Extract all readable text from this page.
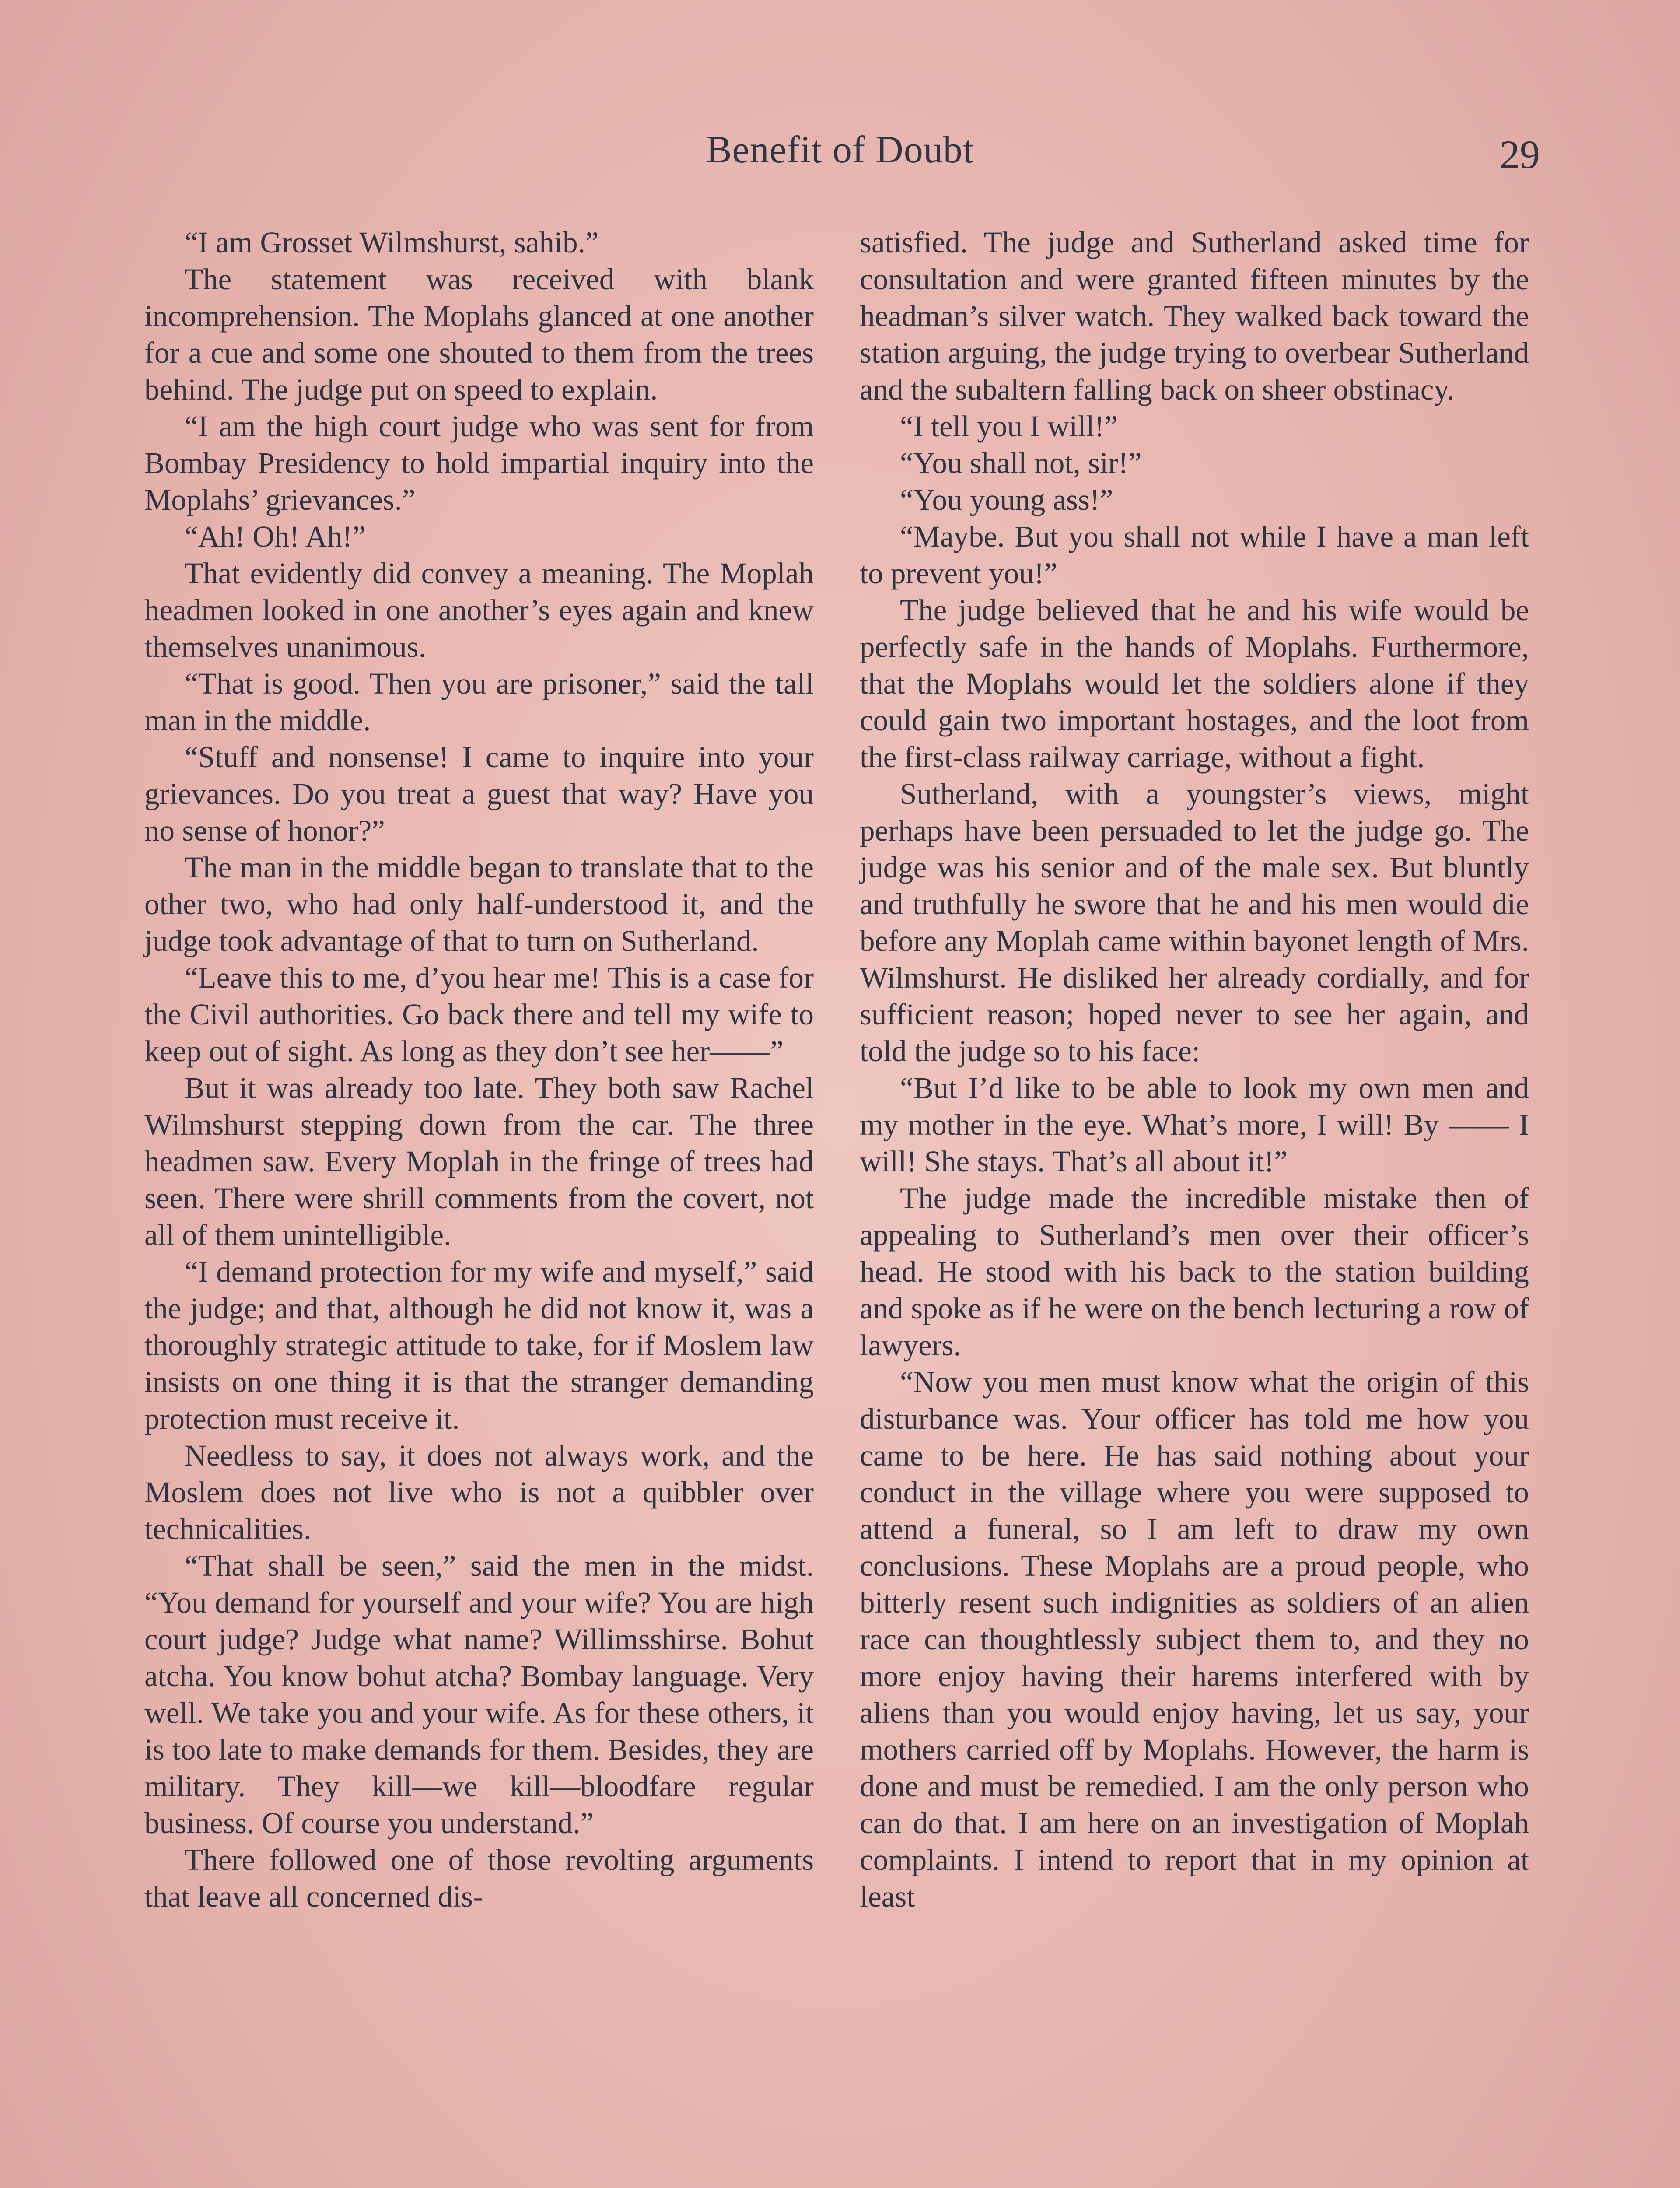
Benefit of Doubt	29

“I am Grosset Wilmshurst, sahib.”

The statement was received with blank incomprehension. The Moplahs glanced at one another for a cue and some one shouted to them from the trees behind. The judge put on speed to explain.

“I am the high court judge who was sent for from Bombay Presidency to hold impartial inquiry into the Moplahs’ grievances.”

“Ah! Oh! Ah!”

That evidently did convey a meaning. The Moplah headmen looked in one another’s eyes again and knew themselves unanimous.

“That is good. Then you are prisoner,” said the tall man in the middle.

“Stuff and nonsense! I came to inquire into your grievances. Do you treat a guest that way? Have you no sense of honor?”

The man in the middle began to translate that to the other two, who had only half-understood it, and the judge took advantage of that to turn on Sutherland.

“Leave this to me, d’you hear me! This is a case for the Civil authorities. Go back there and tell my wife to keep out of sight. As long as they don’t see her——”

But it was already too late. They both saw Rachel Wilmshurst stepping down from the car. The three headmen saw. Every Moplah in the fringe of trees had seen. There were shrill comments from the covert, not all of them unintelligible.

“I demand protection for my wife and myself,” said the judge; and that, although he did not know it, was a thoroughly strategic attitude to take, for if Moslem law insists on one thing it is that the stranger demanding protection must receive it.

Needless to say, it does not always work, and the Moslem does not live who is not a quibbler over technicalities.

“That shall be seen,” said the men in the midst. “You demand for yourself and your wife? You are high court judge? Judge what name? Willimsshirse. Bohut atcha. You know bohut atcha? Bombay language. Very well. We take you and your wife. As for these others, it is too late to make demands for them. Besides, they are military. They kill—we kill—bloodfare regular business. Of course you understand.”

There followed one of those revolting arguments that leave all concerned dis-

satisfied. The judge and Sutherland asked time for consultation and were granted fifteen minutes by the headman’s silver watch. They walked back toward the station arguing, the judge trying to overbear Sutherland and the subaltern falling back on sheer obstinacy.

“I tell you I will!”

“You shall not, sir!”

“You young ass!”

“Maybe. But you shall not while I have a man left to prevent you!”

The judge believed that he and his wife would be perfectly safe in the hands of Moplahs. Furthermore, that the Moplahs would let the soldiers alone if they could gain two important hostages, and the loot from the first-class railway carriage, without a fight.

Sutherland, with a youngster’s views, might perhaps have been persuaded to let the judge go. The judge was his senior and of the male sex. But bluntly and truthfully he swore that he and his men would die before any Moplah came within bayonet length of Mrs. Wilmshurst. He disliked her already cordially, and for sufficient reason; hoped never to see her again, and told the judge so to his face:

“But I’d like to be able to look my own men and my mother in the eye. What’s more, I will! By —— I will! She stays. That’s all about it!”

The judge made the incredible mistake then of appealing to Sutherland’s men over their officer’s head. He stood with his back to the station building and spoke as if he were on the bench lecturing a row of lawyers.

“Now you men must know what the origin of this disturbance was. Your officer has told me how you came to be here. He has said nothing about your conduct in the village where you were supposed to attend a funeral, so I am left to draw my own conclusions. These Moplahs are a proud people, who bitterly resent such indignities as soldiers of an alien race can thoughtlessly subject them to, and they no more enjoy having their harems interfered with by aliens than you would enjoy having, let us say, your mothers carried off by Moplahs. However, the harm is done and must be remedied. I am the only person who can do that. I am here on an investigation of Moplah complaints. I intend to report that in my opinion at least
